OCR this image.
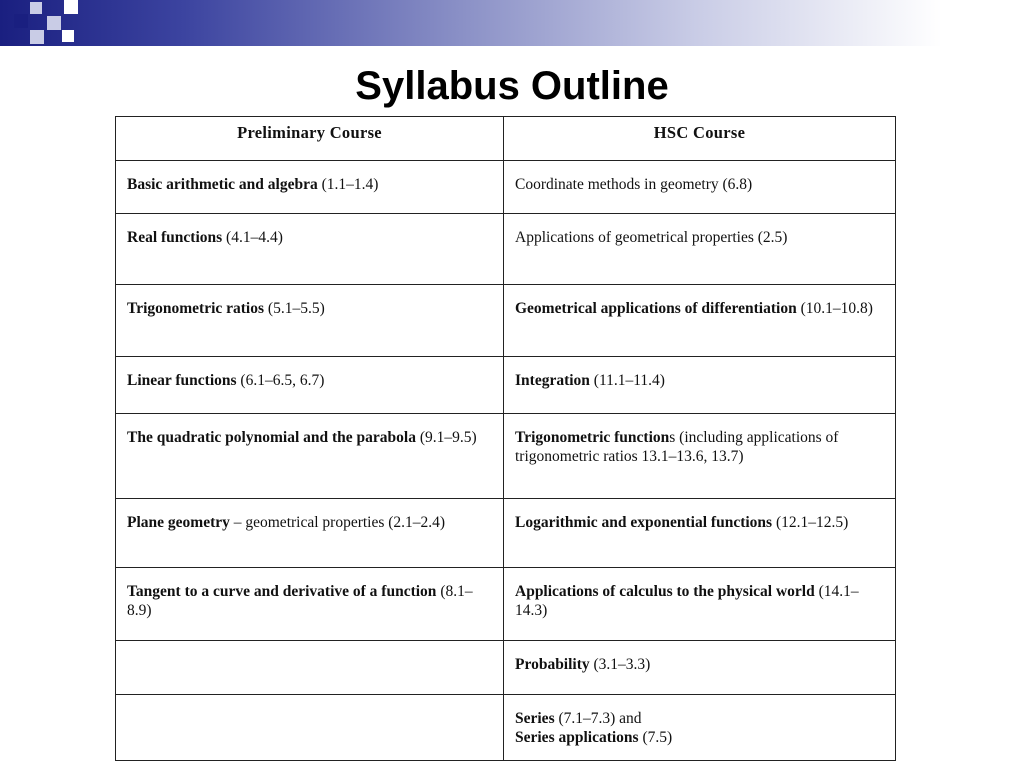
Syllabus Outline
Preliminary Course	HSC Course
Basic arithmetic and algebra (1.1–1.4)	Coordinate methods in geometry (6.8)
Real functions (4.1–4.4)	Applications of geometrical properties (2.5)
Trigonometric ratios (5.1–5.5)	Geometrical applications of differentiation (10.1–10.8)
Linear functions (6.1–6.5, 6.7)	Integration (11.1–11.4)
The quadratic polynomial and the parabola (9.1–9.5)	Trigonometric functions (including applications of trigonometric ratios 13.1–13.6, 13.7)
Plane geometry – geometrical properties (2.1–2.4)	Logarithmic and exponential functions (12.1–12.5)
Tangent to a curve and derivative of a function (8.1–8.9)	Applications of calculus to the physical world (14.1–14.3)
	Probability (3.1–3.3)
	Series (7.1–7.3) and
Series applications (7.5)
